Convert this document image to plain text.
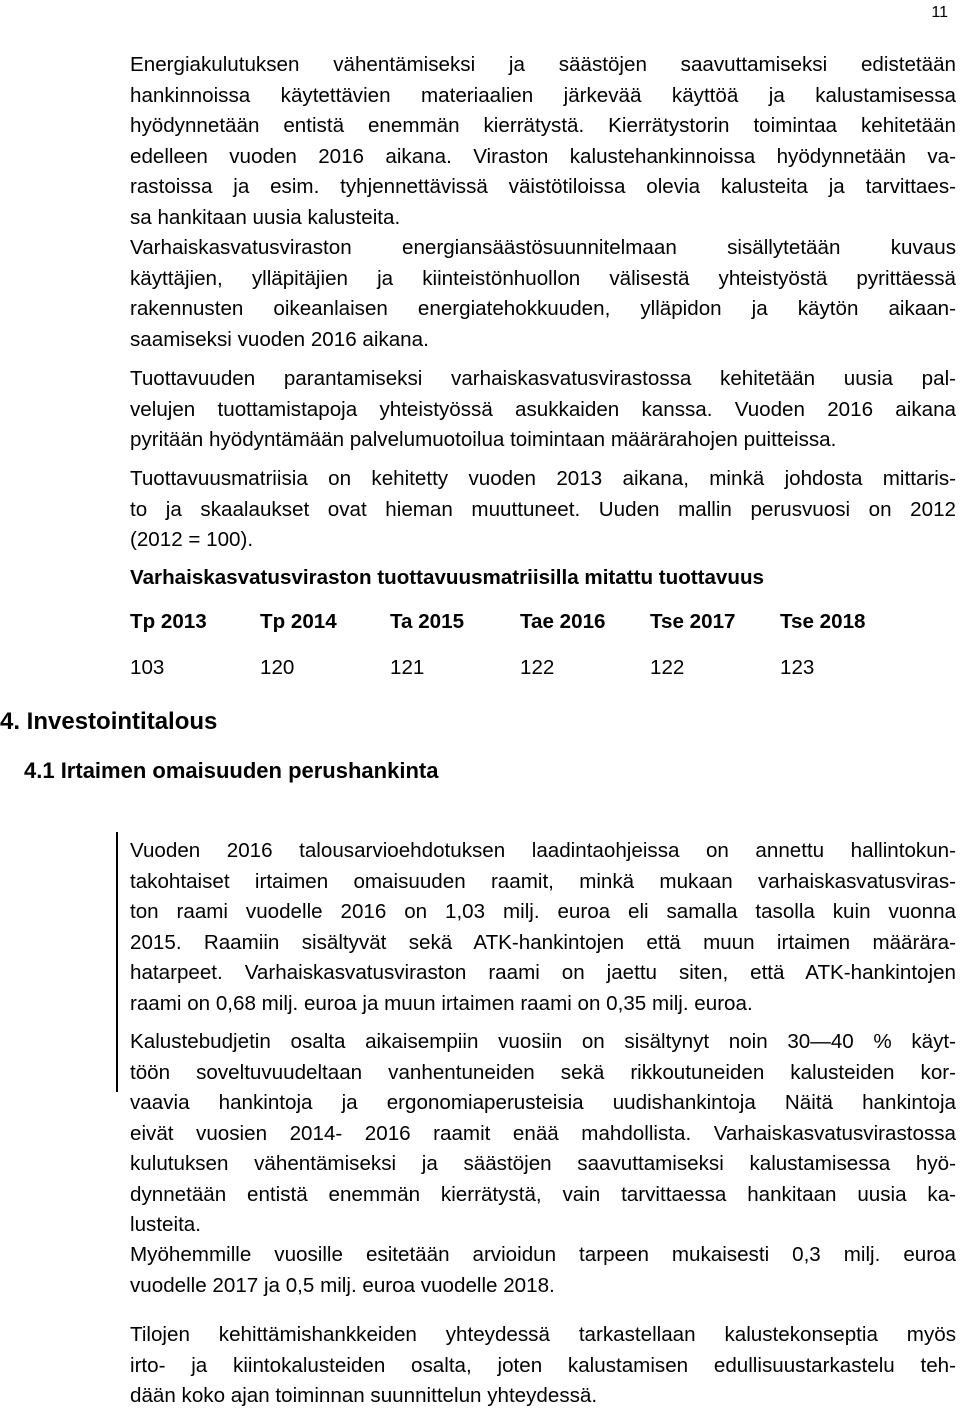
11
Energiakulutuksen vähentämiseksi ja säästöjen saavuttamiseksi edistetään
hankinnoissa käytettävien materiaalien järkevää käyttöä ja kalustamisessa
hyödynnetään entistä enemmän kierrätystä. Kierrätystorin toimintaa kehitetään
edelleen vuoden 2016 aikana. Viraston kalustehankinnoissa hyödynnetään va-
rastoissa ja esim. tyhjennettävissä väistötiloissa olevia kalusteita ja tarvittaes-
sa hankitaan uusia kalusteita.
Varhaiskasvatusviraston energiansäästösuunnitelmaan sisällytetään kuvaus
käyttäjien, ylläpitäjien ja kiinteistönhuollon välisestä yhteistyöstä pyrittäessä
rakennusten oikeanlaisen energiatehokkuuden, ylläpidon ja käytön aikaan-
saamiseksi vuoden 2016 aikana.
Tuottavuuden parantamiseksi varhaiskasvatusvirastossa kehitetään uusia pal-
velujen tuottamistapoja yhteistyössä asukkaiden kanssa. Vuoden 2016 aikana
pyritään hyödyntämään palvelumuotoilua toimintaan määrärahojen puitteissa.
Tuottavuusmatriisia on kehitetty vuoden 2013 aikana, minkä johdosta mittaris-
to ja skaalaukset ovat hieman muuttuneet. Uuden mallin perusvuosi on 2012
(2012 = 100).

Varhaiskasvatusviraston tuottavuusmatriisilla mitattu tuottavuus

Tp 2013	Tp 2014	Ta 2015	Tae 2016	Tse 2017	Tse 2018
103	120	121	122	122	123
4. Investointitalous
4.1 Irtaimen omaisuuden perushankinta
Vuoden 2016 talousarvioehdotuksen laadintaohjeissa on annettu hallintokun-
takohtaiset irtaimen omaisuuden raamit, minkä mukaan varhaiskasvatusviras-
ton raami vuodelle 2016 on 1,03 milj. euroa eli samalla tasolla kuin vuonna
2015. Raamiin sisältyvät sekä ATK-hankintojen että muun irtaimen määrära-
hatarpeet. Varhaiskasvatusviraston raami on jaettu siten, että ATK-hankintojen
raami on 0,68 milj. euroa ja muun irtaimen raami on 0,35 milj. euroa.
Kalustebudjetin osalta aikaisempiin vuosiin on sisältynyt noin 30—40 % käyt-
töön soveltuvuudeltaan vanhentuneiden sekä rikkoutuneiden kalusteiden kor-
vaavia hankintoja ja ergonomiaperusteisia uudishankintoja Näitä hankintoja
eivät vuosien 2014- 2016 raamit enää mahdollista. Varhaiskasvatusvirastossa
kulutuksen vähentämiseksi ja säästöjen saavuttamiseksi kalustamisessa hyö-
dynnetään entistä enemmän kierrätystä, vain tarvittaessa hankitaan uusia ka-
lusteita.
Myöhemmille vuosille esitetään arvioidun tarpeen mukaisesti 0,3 milj. euroa
vuodelle 2017 ja 0,5 milj. euroa vuodelle 2018.
Tilojen kehittämishankkeiden yhteydessä tarkastellaan kalustekonseptia myös
irto- ja kiintokalusteiden osalta, joten kalustamisen edullisuustarkastelu teh-
dään koko ajan toiminnan suunnittelun yhteydessä.
